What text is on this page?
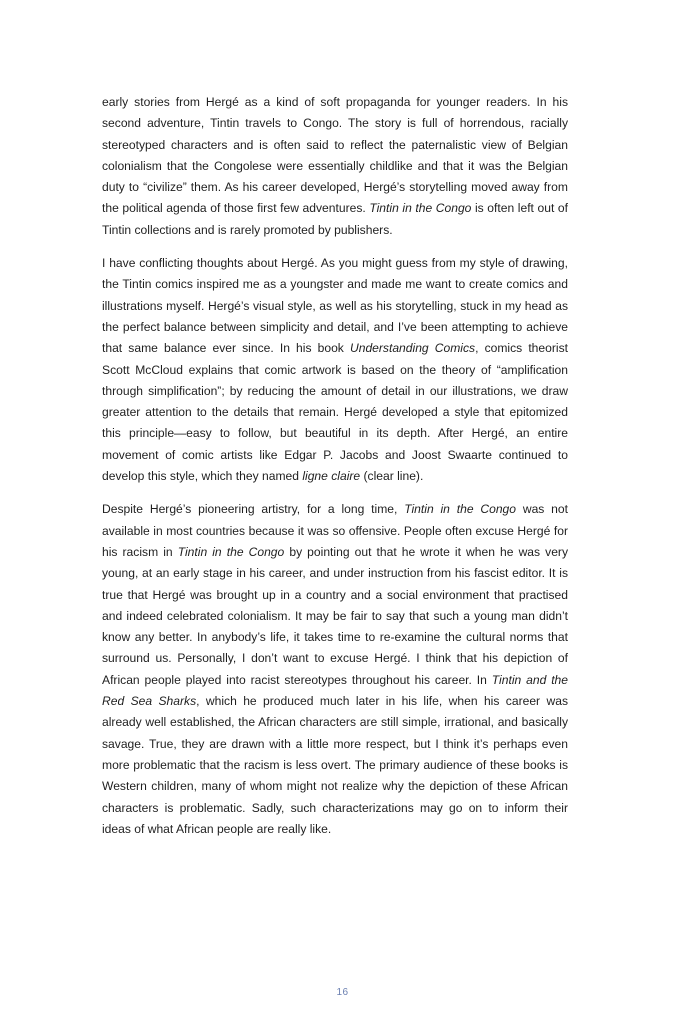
early stories from Hergé as a kind of soft propaganda for younger readers. In his second adventure, Tintin travels to Congo. The story is full of horrendous, racially stereotyped characters and is often said to reflect the paternalistic view of Belgian colonialism that the Congolese were essentially childlike and that it was the Belgian duty to “civilize” them. As his career developed, Hergé’s storytelling moved away from the political agenda of those first few adventures. Tintin in the Congo is often left out of Tintin collections and is rarely promoted by publishers.

I have conflicting thoughts about Hergé. As you might guess from my style of drawing, the Tintin comics inspired me as a youngster and made me want to create comics and illustrations myself. Hergé’s visual style, as well as his storytelling, stuck in my head as the perfect balance between simplicity and detail, and I’ve been attempting to achieve that same balance ever since. In his book Understanding Comics, comics theorist Scott McCloud explains that comic artwork is based on the theory of “amplification through simplification”; by reducing the amount of detail in our illustrations, we draw greater attention to the details that remain. Hergé developed a style that epitomized this principle—easy to follow, but beautiful in its depth. After Hergé, an entire movement of comic artists like Edgar P. Jacobs and Joost Swaarte continued to develop this style, which they named ligne claire (clear line).

Despite Hergé’s pioneering artistry, for a long time, Tintin in the Congo was not available in most countries because it was so offensive. People often excuse Hergé for his racism in Tintin in the Congo by pointing out that he wrote it when he was very young, at an early stage in his career, and under instruction from his fascist editor. It is true that Hergé was brought up in a country and a social environment that practised and indeed celebrated colonialism. It may be fair to say that such a young man didn’t know any better. In anybody’s life, it takes time to re-examine the cultural norms that surround us. Personally, I don’t want to excuse Hergé. I think that his depiction of African people played into racist stereotypes throughout his career. In Tintin and the Red Sea Sharks, which he produced much later in his life, when his career was already well established, the African characters are still simple, irrational, and basically savage. True, they are drawn with a little more respect, but I think it’s perhaps even more problematic that the racism is less overt. The primary audience of these books is Western children, many of whom might not realize why the depiction of these African characters is problematic. Sadly, such characterizations may go on to inform their ideas of what African people are really like.

16
